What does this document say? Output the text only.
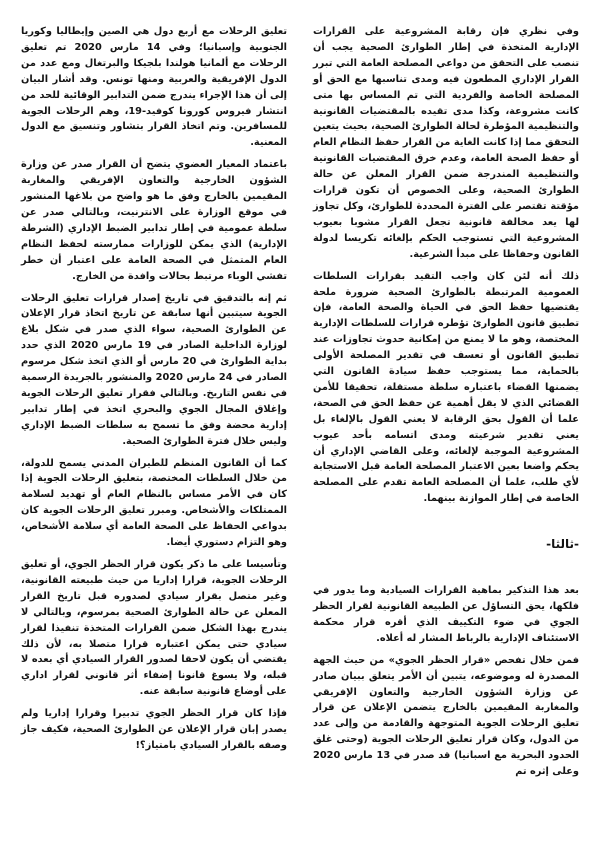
وفي نظري فإن رقابة المشروعية على القرارات الإدارية المتخذة في إطار الطوارئ الصحية يجب أن تنصب على التحقق من دواعي المصلحة العامة التي تبرر القرار الإداري المطعون فيه ومدى تناسبها مع الحق أو المصلحة الخاصة والفردية التي تم المساس بها متى كانت مشروعة، وكذا مدى تقيده بالمقتضيات القانونية والتنظيمية المؤطرة لحالة الطوارئ الصحية، بحيث يتعين التحقق مما إذا كانت الغاية من القرار حفظ النظام العام أو حفظ الصحة العامة، وعدم خرق المقتضيات القانونية والتنظيمية المندرجة ضمن القرار المعلن عن حالة الطوارئ الصحية، وعلى الخصوص أن تكون قرارات مؤقتة تقتصر على الفترة المحددة للطوارئ، وكل تجاوز لها يعد مخالفة قانونية تجعل القرار مشوبا بعيوب المشروعية التي تستوجب الحكم بإلغائه تكريسا لدولة القانون وحفاظا على مبدأ الشرعية.

ذلك أنه لئن كان واجب التقيد بقرارات السلطات العمومية المرتبطة بالطوارئ الصحية ضرورة ملحة يقتضيها حفظ الحق في الحياة والصحة العامة، فإن تطبيق قانون الطوارئ تؤطره قرارات للسلطات الإدارية المختصة، وهو ما لا يمنع من إمكانية حدوث تجاوزات عند تطبيق القانون أو تعسف في تقدير المصلحة الأولى بالحماية، مما يستوجب حفظ سيادة القانون التي يضمنها القضاء باعتباره سلطة مستقلة، تحقيقا للأمن القضائي الذي لا يقل أهمية عن حفظ الحق في الصحة، علما أن القول بحق الرقابة لا يعني القول بالإلغاء بل يعني تقدير شرعيته ومدى اتسامه بأحد عيوب المشروعية الموجبة لإلغائه، وعلى القاضي الإداري أن يحكم واضعا بعين الاعتبار المصلحة العامة قبل الاستجابة لأي طلب، علما أن المصلحة العامة تقدم على المصلحة الخاصة في إطار الموازنة بينهما.

-ثالثا-

بعد هذا التذكير بماهية القرارات السيادية وما يدور في فلكها، يحق التساؤل عن الطبيعة القانونية لقرار الحظر الجوي في ضوء التكييف الذي أقره قرار محكمة الاستئناف الإدارية بالرباط المشار له أعلاه.

فمن خلال تفحص «قرار الحظر الجوي» من حيث الجهة المصدرة له وموضوعه، يتبين أن الأمر يتعلق ببيان صادر عن وزارة الشؤون الخارجية والتعاون الإفريقي والمغاربة المقيمين بالخارج يتضمن الإعلان عن قرار تعليق الرحلات الجوية المتوجهة والقادمة من وإلى عدد من الدول، وكان قرار تعليق الرحلات الجوية (وحتى غلق الحدود البحرية مع اسبانيا) قد صدر في 13 مارس 2020 وعلى إثره تم

تعليق الرحلات مع أربع دول هي الصين وإيطاليا وكوريا الجنوبية وإسبانيا؛ وفي 14 مارس 2020 تم تعليق الرحلات مع ألمانيا هولندا بلجيكا والبرتغال ومع عدد من الدول الإفريقية والعربية ومنها تونس. وقد أشار البيان إلى أن هذا الإجراء يندرج ضمن التدابير الوقائية للحد من انتشار فيروس كورونا كوفيد-19، وهم الرحلات الجوية للمسافرين. وتم اتخاذ القرار بتشاور وتنسيق مع الدول المعنية.

باعتماد المعيار العضوي يتضح أن القرار صدر عن وزارة الشؤون الخارجية والتعاون الإفريقي والمغاربة المقيمين بالخارج وفق ما هو واضح من بلاغها المنشور في موقع الوزارة على الانترنيت، وبالتالي صدر عن سلطة عمومية في إطار تدابير الضبط الإداري (الشرطة الإدارية) الذي يمكن للوزارات ممارسته لحفظ النظام العام المتمثل في الصحة العامة على اعتبار أن خطر تفشي الوباء مرتبط بحالات وافدة من الخارج.

ثم إنه بالتدقيق في تاريخ إصدار قرارات تعليق الرحلات الجوية سيتبين أنها سابقة عن تاريخ اتخاذ قرار الإعلان عن الطوارئ الصحية، سواء الذي صدر في شكل بلاغ لوزارة الداخلية الصادر في 19 مارس 2020 الذي حدد بداية الطوارئ في 20 مارس أو الذي اتخذ شكل مرسوم الصادر في 24 مارس 2020 والمنشور بالجريدة الرسمية في نفس التاريخ. وبالتالي فقرار تعليق الرحلات الجوية وإغلاق المجال الجوي والبحري اتخذ في إطار تدابير إدارية محضة وفق ما تسمح به سلطات الضبط الإداري وليس خلال فترة الطوارئ الصحية.

كما أن القانون المنظم للطيران المدني يسمح للدولة، من خلال السلطات المختصة، بتعليق الرحلات الجوية إذا كان في الأمر مساس بالنظام العام أو تهديد لسلامة الممتلكات والأشخاص. ومبرر تعليق الرحلات الجوية كان بدواعي الحفاظ على الصحة العامة أي سلامة الأشخاص، وهو التزام دستوري أيضا.

وتأسيسا على ما ذكر يكون قرار الحظر الجوي، أو تعليق الرحلات الجوية، قرارا إداريا من حيث طبيعته القانونية، وغير متصل بقرار سيادي لصدوره قبل تاريخ القرار المعلن عن حالة الطوارئ الصحية بمرسوم، وبالتالي لا يندرج بهذا الشكل ضمن القرارات المتخذة تنفيذا لقرار سيادي حتى يمكن اعتباره قرارا متصلا به، لأن ذلك يقتضي أن يكون لاحقا لصدور القرار السيادي أي بعده لا قبله، ولا يسوغ قانونا إضفاء أثر قانوني لقرار اداري على أوضاع قانونية سابقة عنه.

فإذا كان قرار الحظر الجوي تدبيرا وقرارا إداريا ولم يصدر إبان قرار الإعلان عن الطوارئ الصحية، فكيف جاز وصفه بالقرار السيادي بامتياز؟!
